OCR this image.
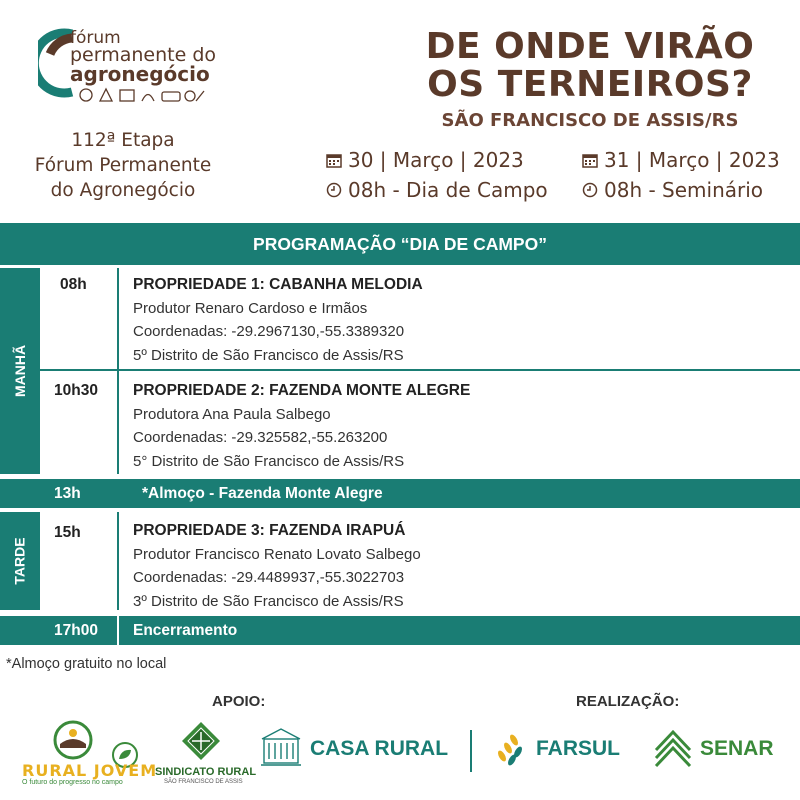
fórum
permanente do
agronegócio
112ª Etapa
Fórum Permanente
do Agronegócio
DE ONDE VIRÃO
OS TERNEIROS?
SÃO FRANCISCO DE ASSIS/RS
30 | Março | 2023
08h - Dia de Campo
31 | Março | 2023
08h - Seminário
PROGRAMAÇÃO “DIA DE CAMPO”
MANHÃ
TARDE
08h	PROPRIEDADE 1: CABANHA MELODIA
Produtor Renaro Cardoso e Irmãos
Coordenadas: -29.2967130,-55.3389320
5º Distrito de São Francisco de Assis/RS
10h30 PROPRIEDADE 2: FAZENDA MONTE ALEGRE
Produtora Ana Paula Salbego
Coordenadas: -29.325582,-55.263200
5° Distrito de São Francisco de Assis/RS
13h	*Almoço - Fazenda Monte Alegre
15h	PROPRIEDADE 3: FAZENDA IRAPUÁ
Produtor Francisco Renato Lovato Salbego
Coordenadas: -29.4489937,-55.3022703
3º Distrito de São Francisco de Assis/RS
17h00 Encerramento
*Almoço gratuito no local
APOIO:	REALIZAÇÃO:
RURAL JOVEM
O futuro do progresso no campo
SINDICATO RURAL
SÃO FRANCISCO DE ASSIS
CASA RURAL	FARSUL	SENAR
